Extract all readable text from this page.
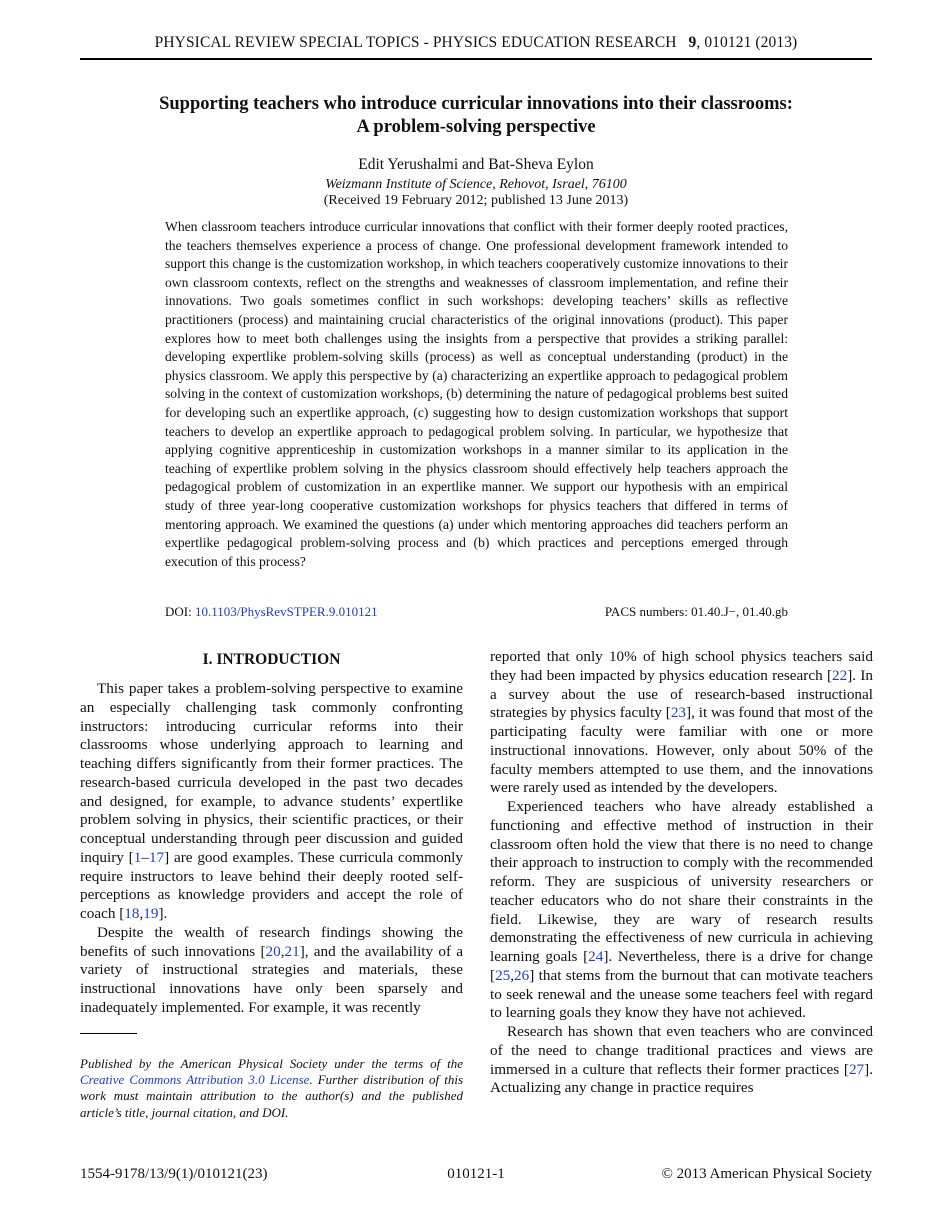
PHYSICAL REVIEW SPECIAL TOPICS - PHYSICS EDUCATION RESEARCH 9, 010121 (2013)
Supporting teachers who introduce curricular innovations into their classrooms:
A problem-solving perspective
Edit Yerushalmi and Bat-Sheva Eylon
Weizmann Institute of Science, Rehovot, Israel, 76100
(Received 19 February 2012; published 13 June 2013)
When classroom teachers introduce curricular innovations that conflict with their former deeply rooted practices, the teachers themselves experience a process of change. One professional development framework intended to support this change is the customization workshop, in which teachers cooperatively customize innovations to their own classroom contexts, reflect on the strengths and weaknesses of classroom implementation, and refine their innovations. Two goals sometimes conflict in such workshops: developing teachers’ skills as reflective practitioners (process) and maintaining crucial characteristics of the original innovations (product). This paper explores how to meet both challenges using the insights from a perspective that provides a striking parallel: developing expertlike problem-solving skills (process) as well as conceptual understanding (product) in the physics classroom. We apply this perspective by (a) characterizing an expertlike approach to pedagogical problem solving in the context of customization workshops, (b) determining the nature of pedagogical problems best suited for developing such an expertlike approach, (c) suggesting how to design customization workshops that support teachers to develop an expertlike approach to pedagogical problem solving. In particular, we hypothesize that applying cognitive apprenticeship in customization workshops in a manner similar to its application in the teaching of expertlike problem solving in the physics classroom should effectively help teachers approach the pedagogical problem of customization in an expertlike manner. We support our hypothesis with an empirical study of three year-long cooperative customization workshops for physics teachers that differed in terms of mentoring approach. We examined the questions (a) under which mentoring approaches did teachers perform an expertlike pedagogical problem-solving process and (b) which practices and perceptions emerged through execution of this process?
DOI: 10.1103/PhysRevSTPER.9.010121	PACS numbers: 01.40.J−, 01.40.gb
I. INTRODUCTION

This paper takes a problem-solving perspective to examine an especially challenging task commonly confronting instructors: introducing curricular reforms into their classrooms whose underlying approach to learning and teaching differs significantly from their former practices. The research-based curricula developed in the past two decades and designed, for example, to advance students’ expertlike problem solving in physics, their scientific practices, or their conceptual understanding through peer discussion and guided inquiry [1–17] are good examples. These curricula commonly require instructors to leave behind their deeply rooted self-perceptions as knowledge providers and accept the role of coach [18,19].

Despite the wealth of research findings showing the benefits of such innovations [20,21], and the availability of a variety of instructional strategies and materials, these instructional innovations have only been sparsely and inadequately implemented. For example, it was recently

Published by the American Physical Society under the terms of the Creative Commons Attribution 3.0 License. Further distribution of this work must maintain attribution to the author(s) and the published article’s title, journal citation, and DOI.

reported that only 10% of high school physics teachers said they had been impacted by physics education research [22]. In a survey about the use of research-based instructional strategies by physics faculty [23], it was found that most of the participating faculty were familiar with one or more instructional innovations. However, only about 50% of the faculty members attempted to use them, and the innovations were rarely used as intended by the developers.

Experienced teachers who have already established a functioning and effective method of instruction in their classroom often hold the view that there is no need to change their approach to instruction to comply with the recommended reform. They are suspicious of university researchers or teacher educators who do not share their constraints in the field. Likewise, they are wary of research results demonstrating the effectiveness of new curricula in achieving learning goals [24]. Nevertheless, there is a drive for change [25,26] that stems from the burnout that can motivate teachers to seek renewal and the unease some teachers feel with regard to learning goals they know they have not achieved.

Research has shown that even teachers who are convinced of the need to change traditional practices and views are immersed in a culture that reflects their former practices [27]. Actualizing any change in practice requires

1554-9178/13/9(1)/010121(23)	010121-1	© 2013 American Physical Society
